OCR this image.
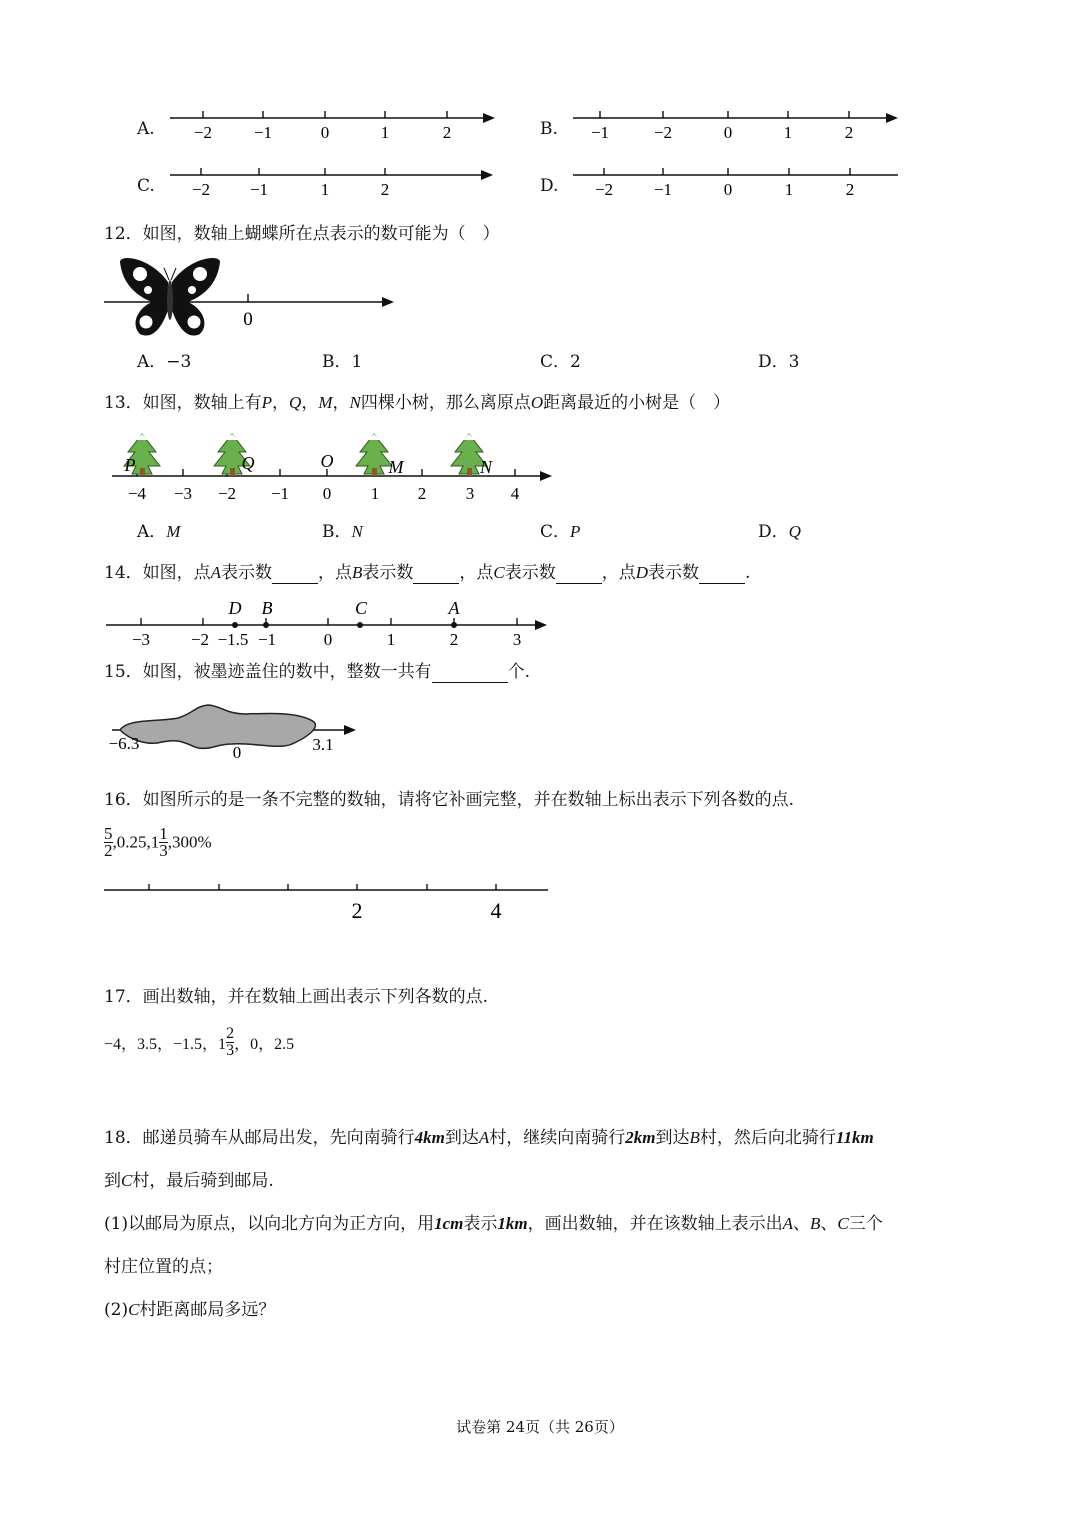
A. −2 −1	0	1	2	B. −1	−2	0	1	2
C. −2 −1	1	2	D. −2 −1	0	1	2
12．如图，数轴上蝴蝶所在点表示的数可能为（　）
0
A．−3	B．1	C．2	D．3
13．如图，数轴上有P，Q，M，N四棵小树，那么离原点O距离最近的小树是（　）
P	Q	O	M	N
−4 −3 −2 −1 0 1 2 3 4
A．M	B．N	C．P	D．Q
14．如图，点A表示数	，点B表示数	，点C表示数	，点D表示数	.
D B	C	A
−3 −2 −1.5 −1	0	1	2	3
15．如图，被墨迹盖住的数中，整数一共有	个.
−6.3	0	3.1
16．如图所示的是一条不完整的数轴，请将它补画完整，并在数轴上标出表示下列各数的点.
$\frac{5}{2} ,0.25,1 \frac{1}{3} ,300\%$
2	4
17．画出数轴，并在数轴上画出表示下列各数的点.
−4，3.5，−1.5，$1 \frac{2}{3}$ ，0，2.5
18．邮递员骑车从邮局出发，先向南骑行4km到达A村，继续向南骑行2km到达B村，然后向北骑行11km
到C村，最后骑到邮局.
(1)以邮局为原点，以向北方向为正方向，用1cm表示1km，画出数轴，并在该数轴上表示出A、B、C三个
村庄位置的点；
(2)C村距离邮局多远？
试卷第 24页（共 26页）
